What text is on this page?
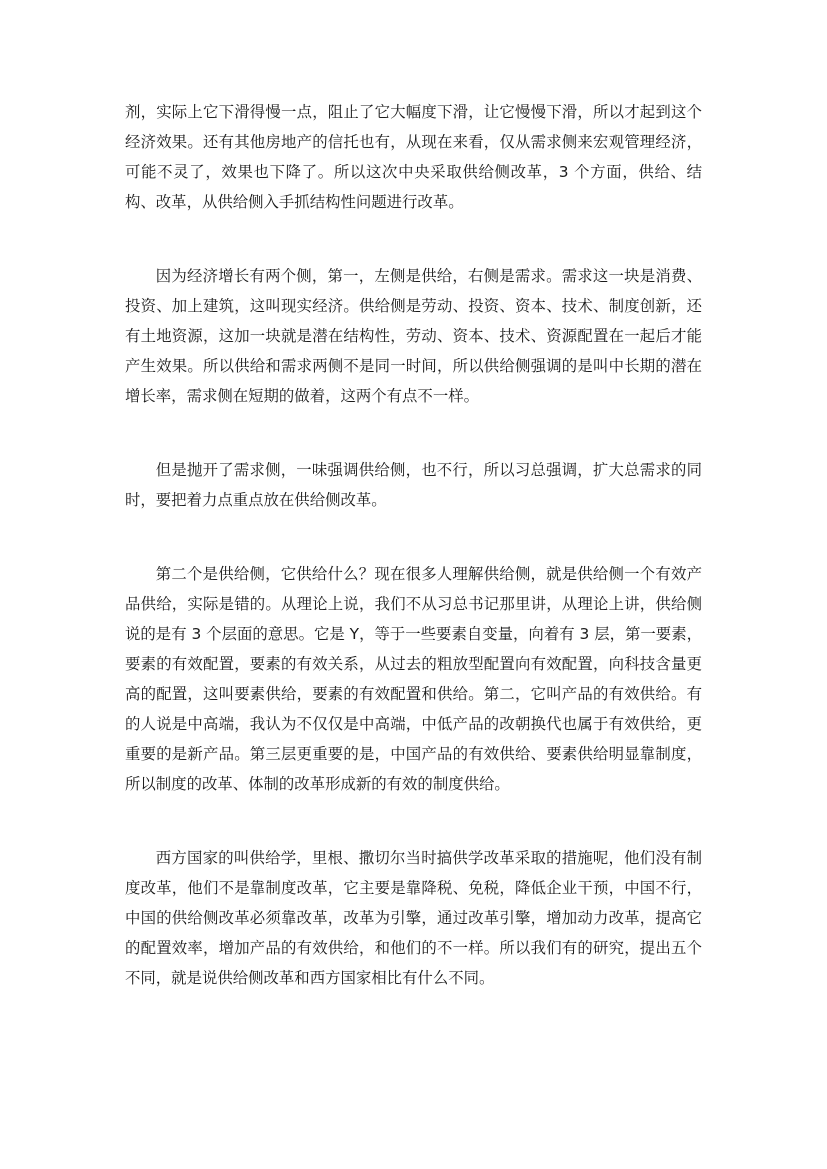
剂，实际上它下滑得慢一点，阻止了它大幅度下滑，让它慢慢下滑，所以才起到这个经济效果。还有其他房地产的信托也有，从现在来看，仅从需求侧来宏观管理经济，可能不灵了，效果也下降了。所以这次中央采取供给侧改革，3 个方面，供给、结构、改革，从供给侧入手抓结构性问题进行改革。

因为经济增长有两个侧，第一，左侧是供给，右侧是需求。需求这一块是消费、投资、加上建筑，这叫现实经济。供给侧是劳动、投资、资本、技术、制度创新，还有土地资源，这加一块就是潜在结构性，劳动、资本、技术、资源配置在一起后才能产生效果。所以供给和需求两侧不是同一时间，所以供给侧强调的是叫中长期的潜在增长率，需求侧在短期的做着，这两个有点不一样。

但是抛开了需求侧，一味强调供给侧，也不行，所以习总强调，扩大总需求的同时，要把着力点重点放在供给侧改革。

第二个是供给侧，它供给什么？现在很多人理解供给侧，就是供给侧一个有效产品供给，实际是错的。从理论上说，我们不从习总书记那里讲，从理论上讲，供给侧说的是有 3 个层面的意思。它是 Y，等于一些要素自变量，向着有 3 层，第一要素，要素的有效配置，要素的有效关系，从过去的粗放型配置向有效配置，向科技含量更高的配置，这叫要素供给，要素的有效配置和供给。第二，它叫产品的有效供给。有的人说是中高端，我认为不仅仅是中高端，中低产品的改朝换代也属于有效供给，更重要的是新产品。第三层更重要的是，中国产品的有效供给、要素供给明显靠制度，所以制度的改革、体制的改革形成新的有效的制度供给。

西方国家的叫供给学，里根、撒切尔当时搞供学改革采取的措施呢，他们没有制度改革，他们不是靠制度改革，它主要是靠降税、免税，降低企业干预，中国不行，中国的供给侧改革必须靠改革，改革为引擎，通过改革引擎，增加动力改革，提高它的配置效率，增加产品的有效供给，和他们的不一样。所以我们有的研究，提出五个不同，就是说供给侧改革和西方国家相比有什么不同。
